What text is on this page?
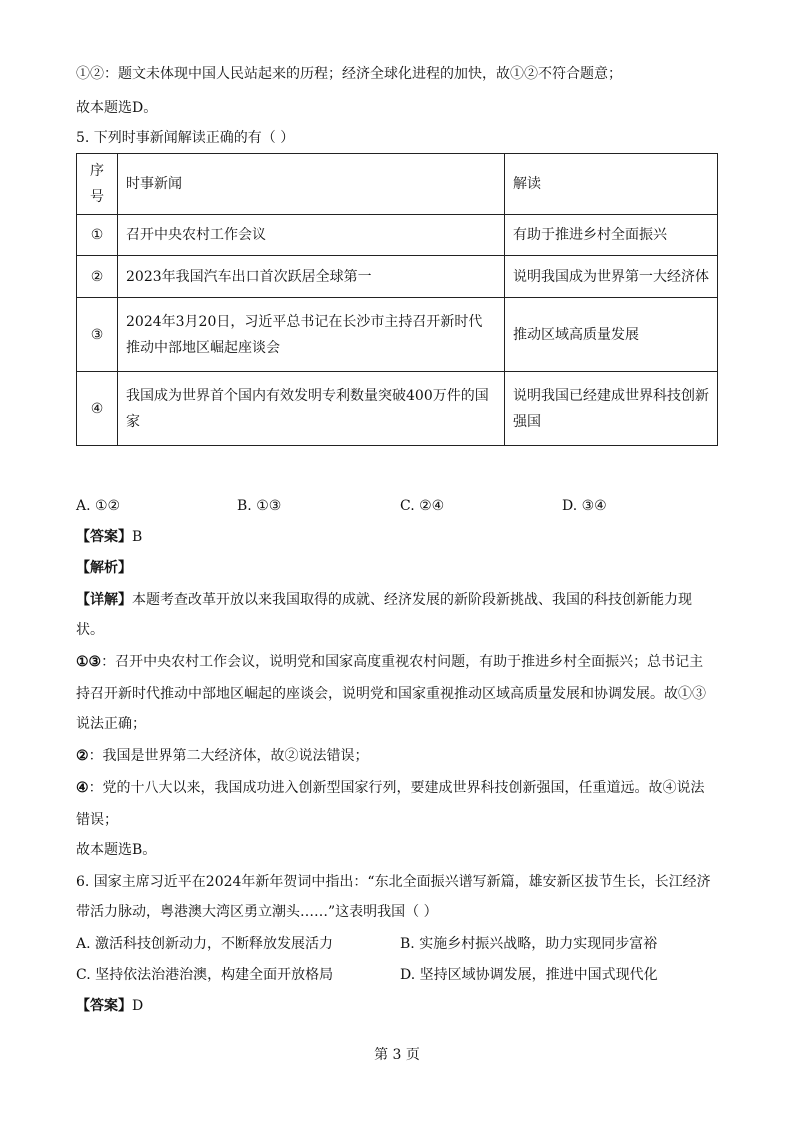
①②：题文未体现中国人民站起来的历程；经济全球化进程的加快，故①②不符合题意；
故本题选D。
5. 下列时事新闻解读正确的有（ ）
序号	时事新闻	解读
①	召开中央农村工作会议	有助于推进乡村全面振兴
②	2023年我国汽车出口首次跃居全球第一	说明我国成为世界第一大经济体
③	2024年3月20日，习近平总书记在长沙市主持召开新时代推动中部地区崛起座谈会	推动区域高质量发展
④	我国成为世界首个国内有效发明专利数量突破400万件的国家	说明我国已经建成世界科技创新强国
A. ①②	B. ①③	C. ②④	D. ③④
【答案】B
【解析】
【详解】本题考查改革开放以来我国取得的成就、经济发展的新阶段新挑战、我国的科技创新能力现
状。
①③：召开中央农村工作会议，说明党和国家高度重视农村问题，有助于推进乡村全面振兴；总书记主
持召开新时代推动中部地区崛起的座谈会，说明党和国家重视推动区域高质量发展和协调发展。故①③
说法正确；
②：我国是世界第二大经济体，故②说法错误；
④：党的十八大以来，我国成功进入创新型国家行列，要建成世界科技创新强国，任重道远。故④说法
错误；
故本题选B。
6. 国家主席习近平在2024年新年贺词中指出：“东北全面振兴谱写新篇，雄安新区拔节生长，长江经济
带活力脉动，粤港澳大湾区勇立潮头……”这表明我国（ ）
A. 激活科技创新动力，不断释放发展活力	B. 实施乡村振兴战略，助力实现同步富裕
C. 坚持依法治港治澳，构建全面开放格局	D. 坚持区域协调发展，推进中国式现代化
【答案】D
第 3 页
